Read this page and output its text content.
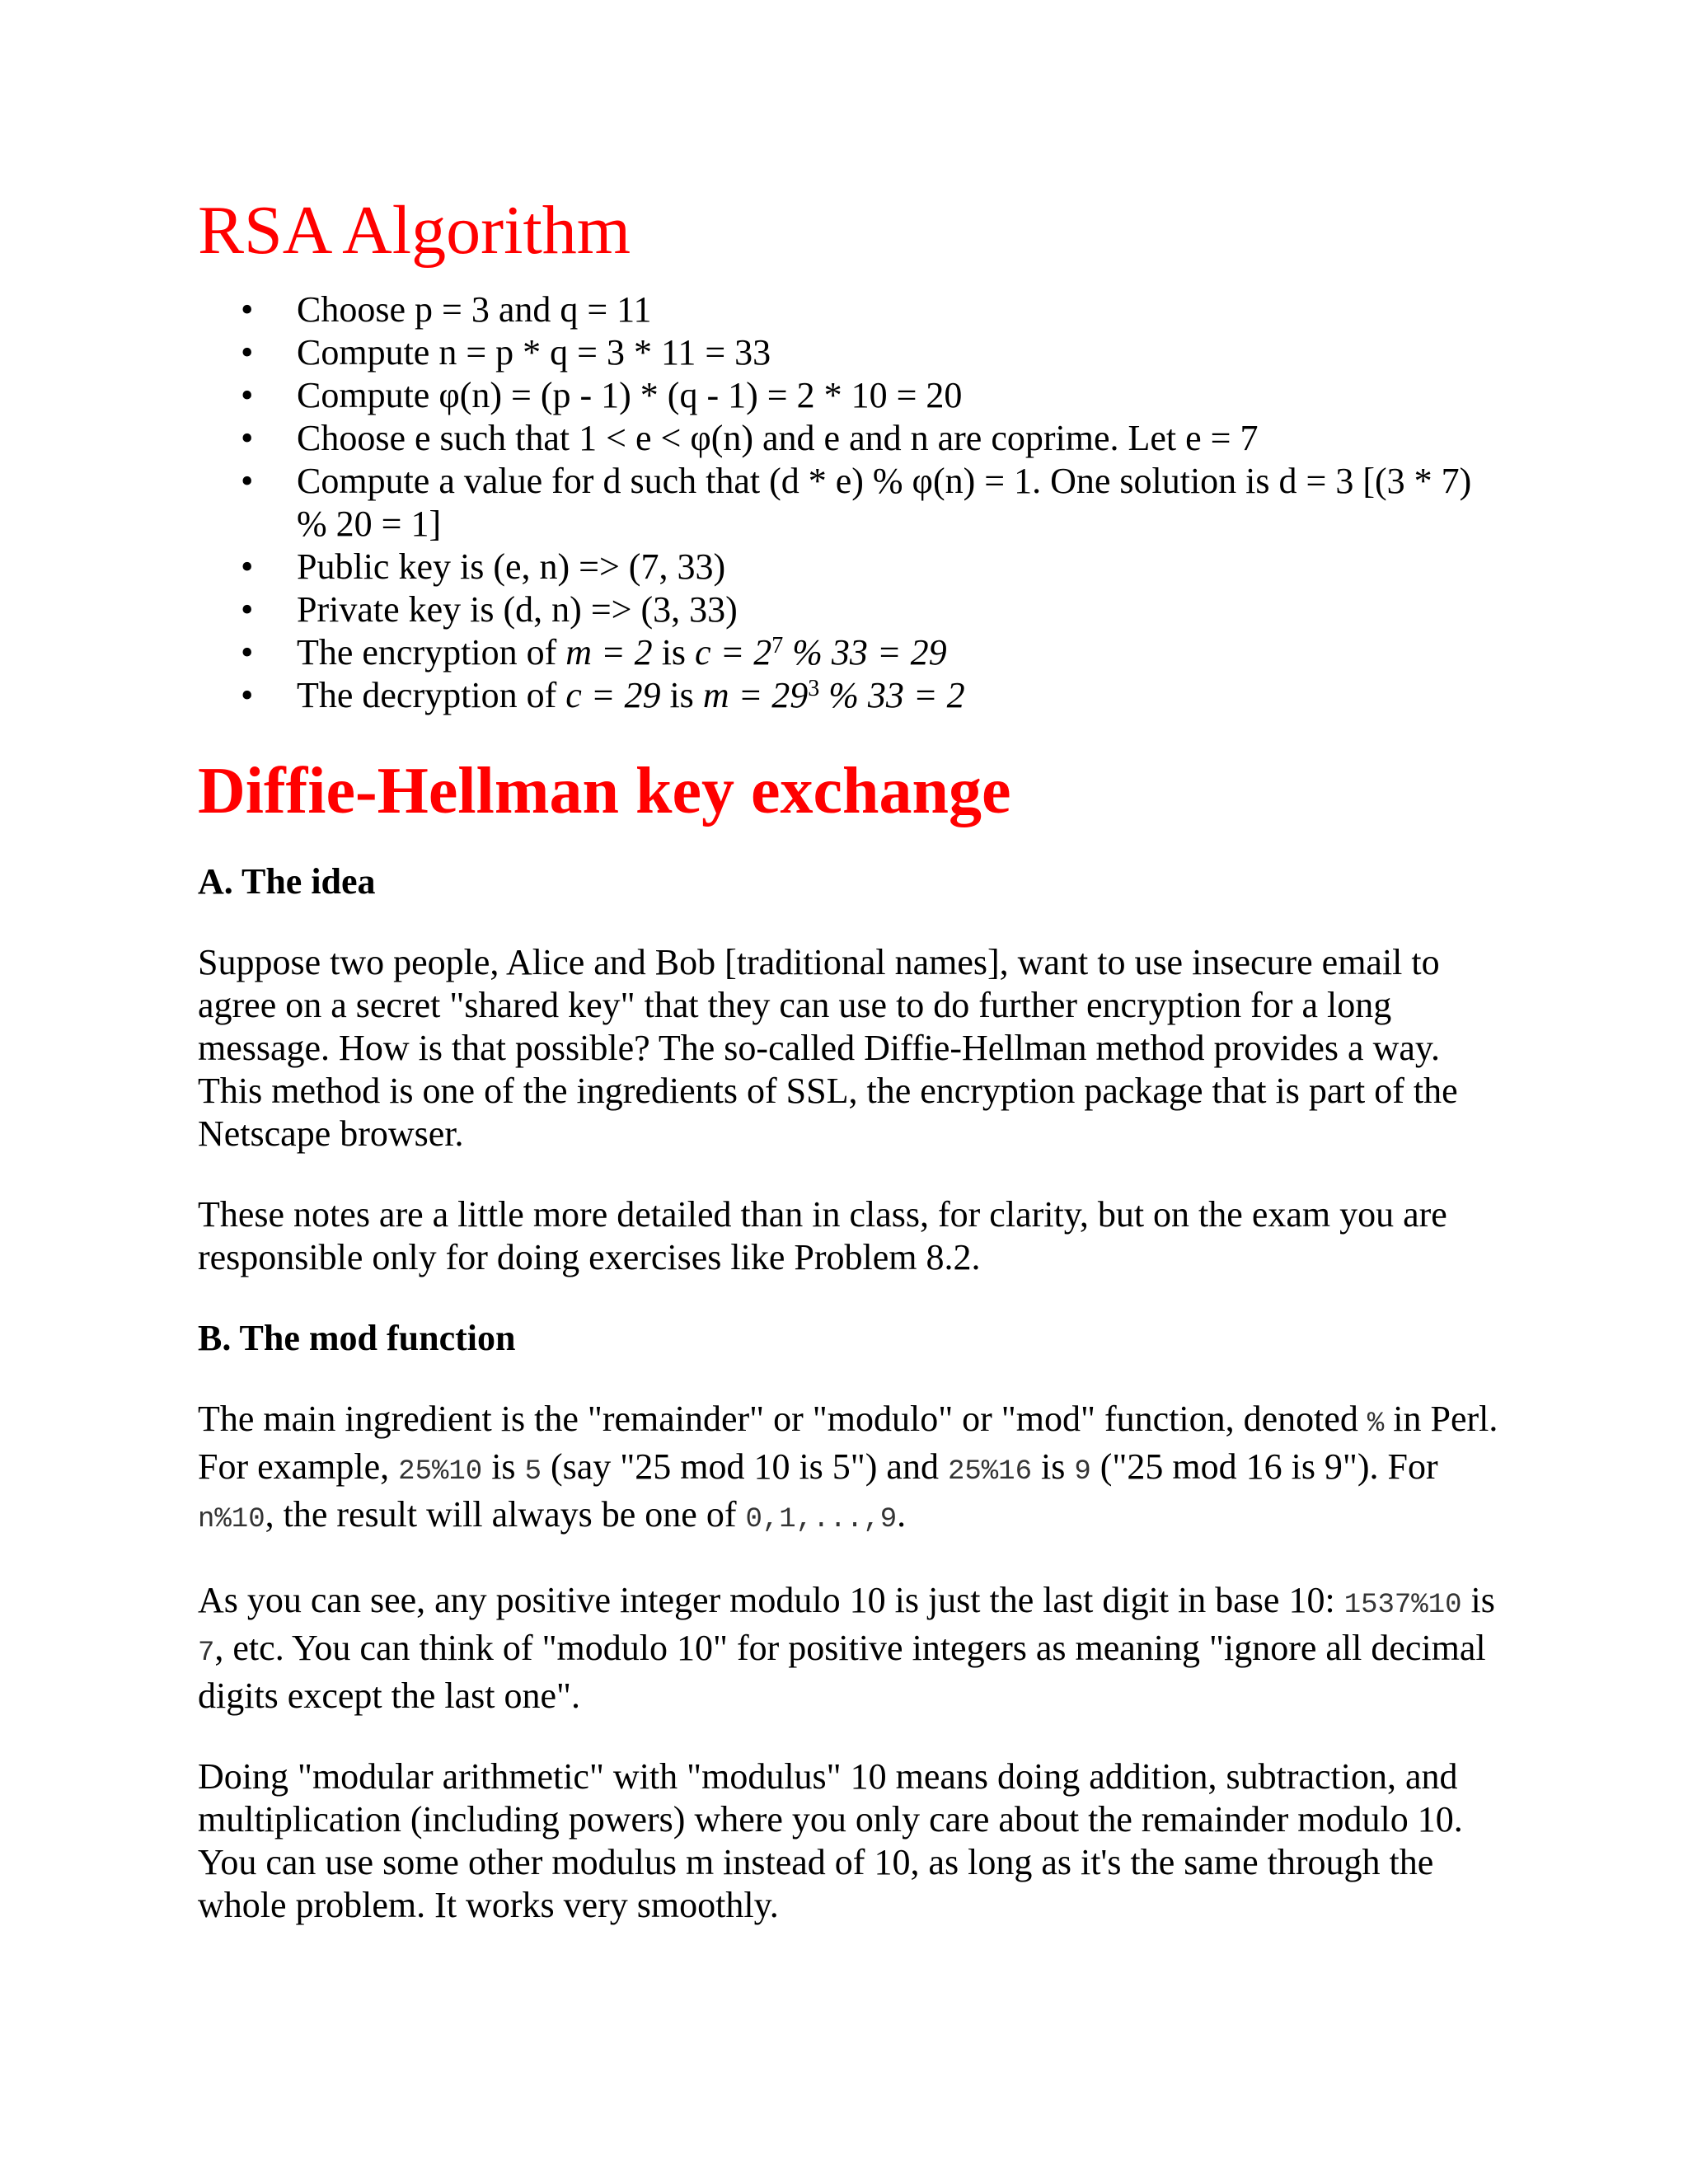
RSA Algorithm
• Choose p = 3 and q = 11
• Compute n = p * q = 3 * 11 = 33
• Compute φ(n) = (p - 1) * (q - 1) = 2 * 10 = 20
• Choose e such that 1 < e < φ(n) and e and n are coprime. Let e = 7
• Compute a value for d such that (d * e) % φ(n) = 1. One solution is d = 3 [(3 * 7) % 20 = 1]
• Public key is (e, n) => (7, 33)
• Private key is (d, n) => (3, 33)
• The encryption of m = 2 is $c = 2^7$ % 33 = 29
• The decryption of c = 29 is $m = 29^3$ % 33 = 2
Diffie-Hellman key exchange
A. The idea

Suppose two people, Alice and Bob [traditional names], want to use insecure email to agree on a secret "shared key" that they can use to do further encryption for a long message. How is that possible? The so-called Diffie-Hellman method provides a way. This method is one of the ingredients of SSL, the encryption package that is part of the Netscape browser.

These notes are a little more detailed than in class, for clarity, but on the exam you are responsible only for doing exercises like Problem 8.2.

B. The mod function

The main ingredient is the "remainder" or "modulo" or "mod" function, denoted % in Perl. For example, 25%10 is 5 (say "25 mod 10 is 5") and 25%16 is 9 ("25 mod 16 is 9"). For n%10, the result will always be one of 0,1,...,9.

As you can see, any positive integer modulo 10 is just the last digit in base 10: 1537%10 is 7, etc. You can think of "modulo 10" for positive integers as meaning "ignore all decimal digits except the last one".

Doing "modular arithmetic" with "modulus" 10 means doing addition, subtraction, and multiplication (including powers) where you only care about the remainder modulo 10. You can use some other modulus m instead of 10, as long as it's the same through the whole problem. It works very smoothly.
